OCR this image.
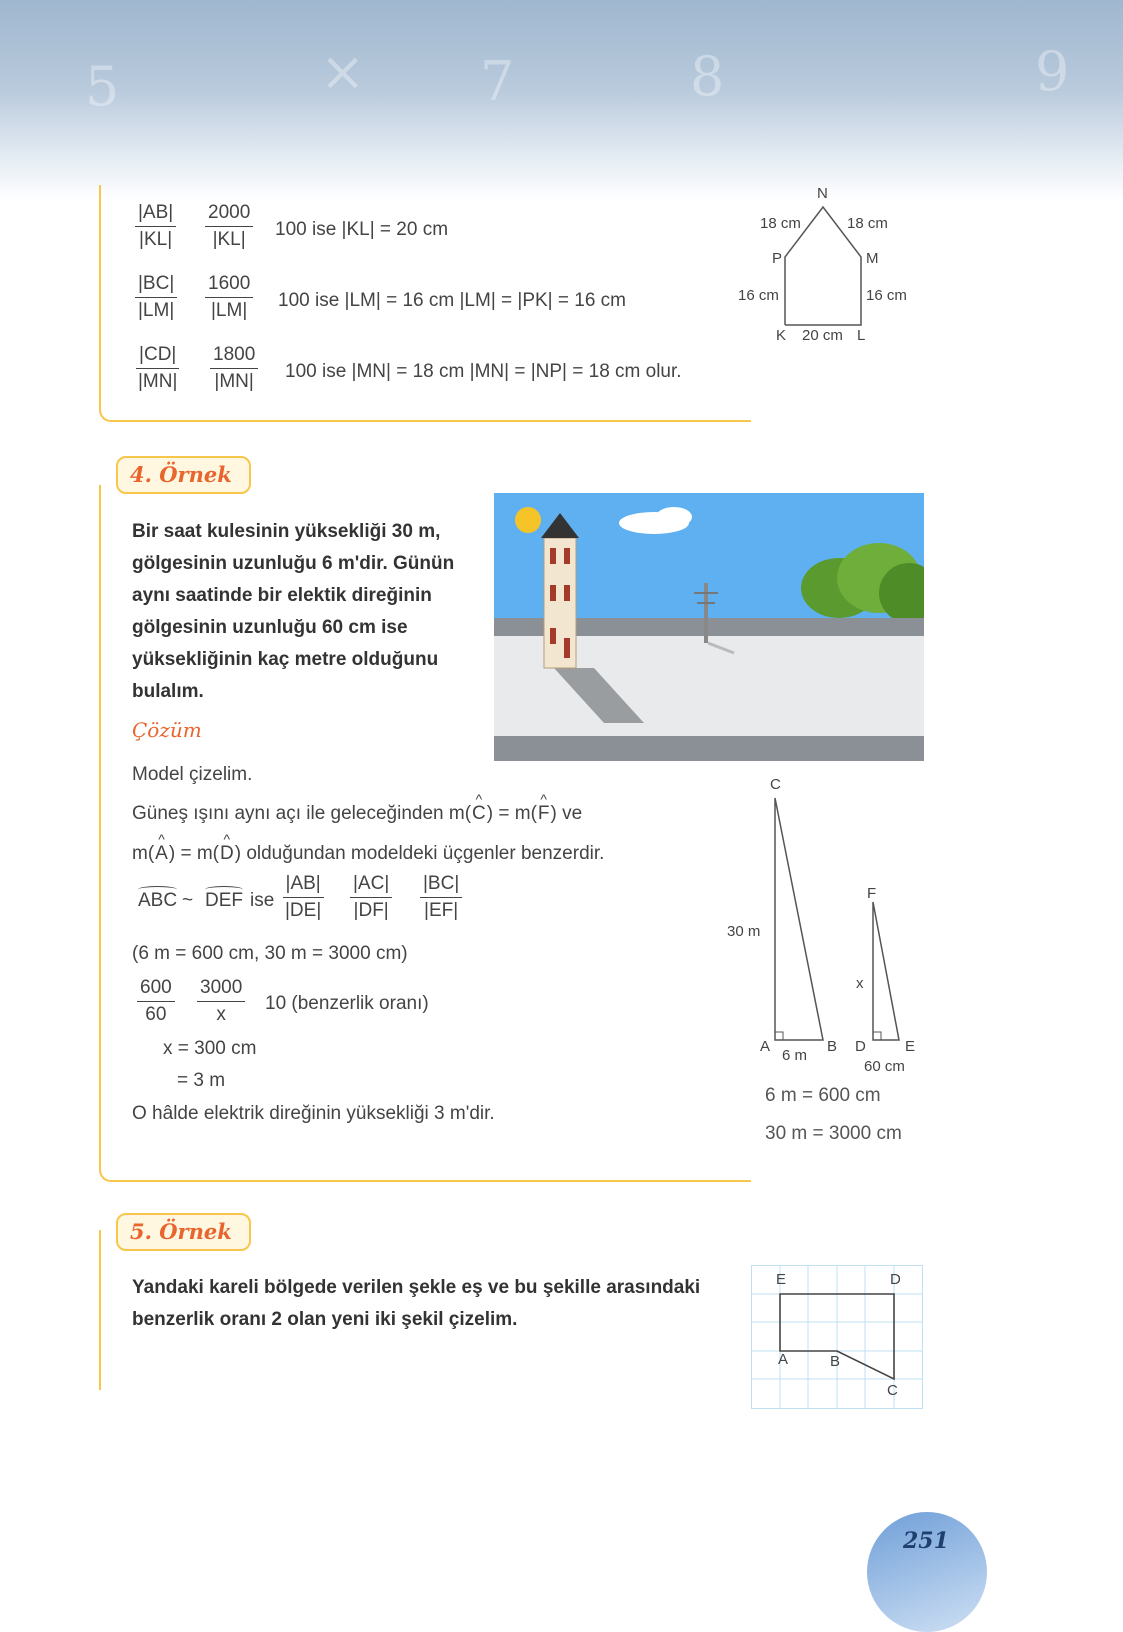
5	× 7	8	9
$\frac{|AB|}{|KL|} \frac{2000}{|KL|} 100$ ise |KL| = 20 cm
$\frac{|BC|}{|LM|} \frac{1600}{|LM|} 100$ ise |LM| = 16 cm |LM| = |PK| = 16 cm
$\frac{|CD|}{|MN|} \frac{1800}{|MN|} 100$ ise |MN| = 18 cm |MN| = |NP| = 18 cm olur.
N
18 cm	18 cm
P	M
16 cm	16 cm
K 20 cm L
4. Örnek
Bir saat kulesinin yüksekliği 30 m,
gölgesinin uzunluğu 6 m'dir. Günün
aynı saatinde bir elektik direğinin
gölgesinin uzunluğu 60 cm ise
yüksekliğinin kaç metre olduğunu
bulalım.
Çözüm
Model çizelim.
Güneş ışını aynı açı ile geleceğinden m(^ C) = m(^ F) ve
m(^ A) = m(^ D) olduğundan modeldeki üçgenler benzerdir.
ABC ~ DEF ise $\frac{|AB|}{|DE|} \frac{|AC|}{|DF|} \frac{|BC|}{|EF|}$
(6 m = 600 cm, 30 m = 3000 cm)
$\frac{600}{60} \frac{3000}{x} 10$ (benzerlik oranı)
x = 300 cm
= 3 m
O hâlde elektrik direğinin yüksekliği 3 m'dir.
C
30 m
A
6 m
B
F
x
D	E
60 cm
6 m = 600 cm
30 m = 3000 cm
5. Örnek
Yandaki kareli bölgede verilen şekle eş ve bu şekille arasındaki
benzerlik oranı 2 olan yeni iki şekil çizelim.
E	D
A	B
C
251
